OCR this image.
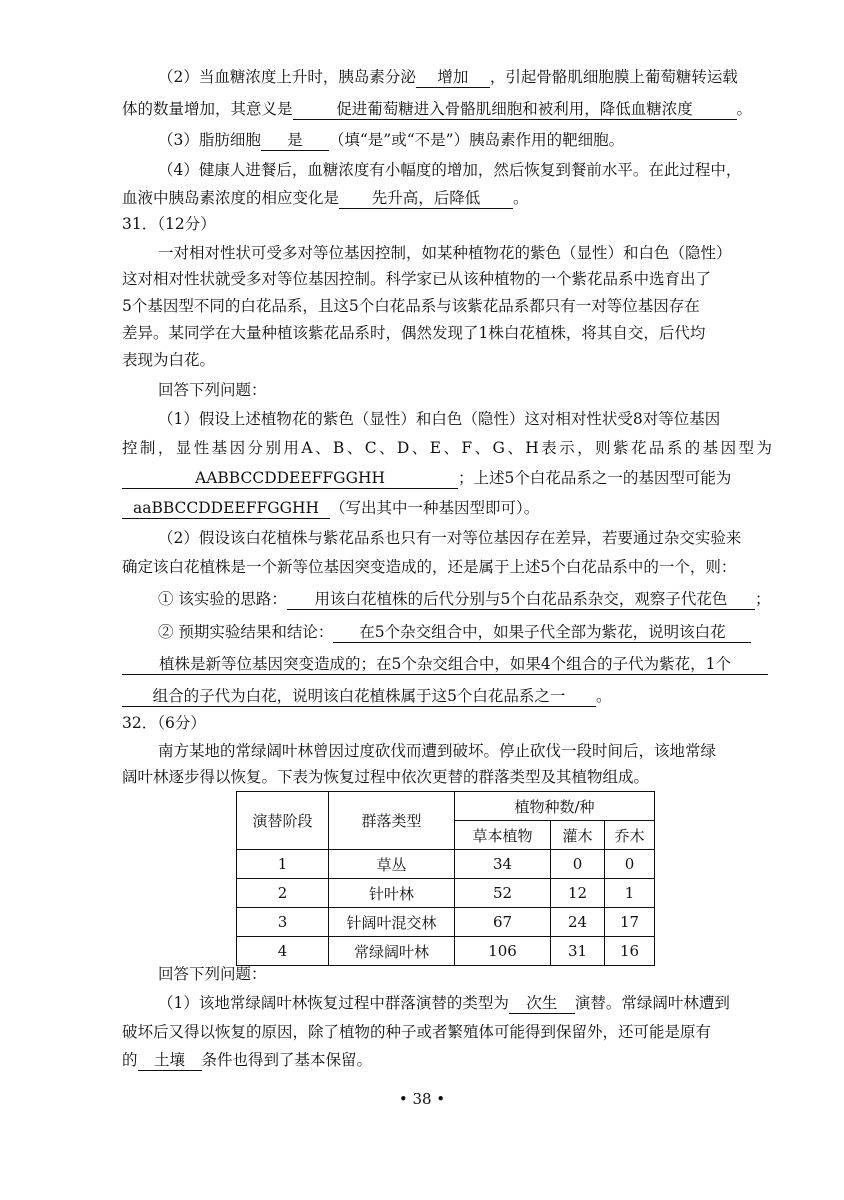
（2）当血糖浓度上升时，胰岛素分泌 增加 ，引起骨骼肌细胞膜上葡萄糖转运载
体的数量增加，其意义是	促进葡萄糖进入骨骼肌细胞和被利用，降低血糖浓度	。
（3）脂肪细胞 是 （填“是”或“不是”）胰岛素作用的靶细胞。
（4）健康人进餐后，血糖浓度有小幅度的增加，然后恢复到餐前水平。在此过程中，
血液中胰岛素浓度的相应变化是 先升高，后降低 。
31．（12分）
一对相对性状可受多对等位基因控制，如某种植物花的紫色（显性）和白色（隐性）
这对相对性状就受多对等位基因控制。科学家已从该种植物的一个紫花品系中选育出了
5个基因型不同的白花品系，且这5个白花品系与该紫花品系都只有一对等位基因存在
差异。某同学在大量种植该紫花品系时，偶然发现了1株白花植株，将其自交，后代均
表现为白花。
回答下列问题：
（1）假设上述植物花的紫色（显性）和白色（隐性）这对相对性状受8对等位基因
控制，显性基因分别用A、B、C、D、E、F、G、H表示，则紫花品系的基因型为
AABBCCDDEEFFGGHH	；上述5个白花品系之一的基因型可能为
aaBBCCDDEEFFGGHH （写出其中一种基因型即可）。
（2）假设该白花植株与紫花品系也只有一对等位基因存在差异，若要通过杂交实验来
确定该白花植株是一个新等位基因突变造成的，还是属于上述5个白花品系中的一个，则：
① 该实验的思路： 用该白花植株的后代分别与5个白花品系杂交，观察子代花色 ；
② 预期实验结果和结论： 在5个杂交组合中，如果子代全部为紫花，说明该白花
植株是新等位基因突变造成的；在5个杂交组合中，如果4个组合的子代为紫花，1个
组合的子代为白花，说明该白花植株属于这5个白花品系之一 。
32．（6分）
南方某地的常绿阔叶林曾因过度砍伐而遭到破坏。停止砍伐一段时间后，该地常绿
阔叶林逐步得以恢复。下表为恢复过程中依次更替的群落类型及其植物组成。
演替阶段	群落类型	植物种数/种		
		草本植物	灌木	乔木
1	草丛	34	0	0
2	针叶林	52	12	1
3	针阔叶混交林	67	24	17
4	常绿阔叶林	106	31	16
回答下列问题：
（1）该地常绿阔叶林恢复过程中群落演替的类型为 次生 演替。常绿阔叶林遭到
破坏后又得以恢复的原因，除了植物的种子或者繁殖体可能得到保留外，还可能是原有
的 土壤 条件也得到了基本保留。
• 38 •
